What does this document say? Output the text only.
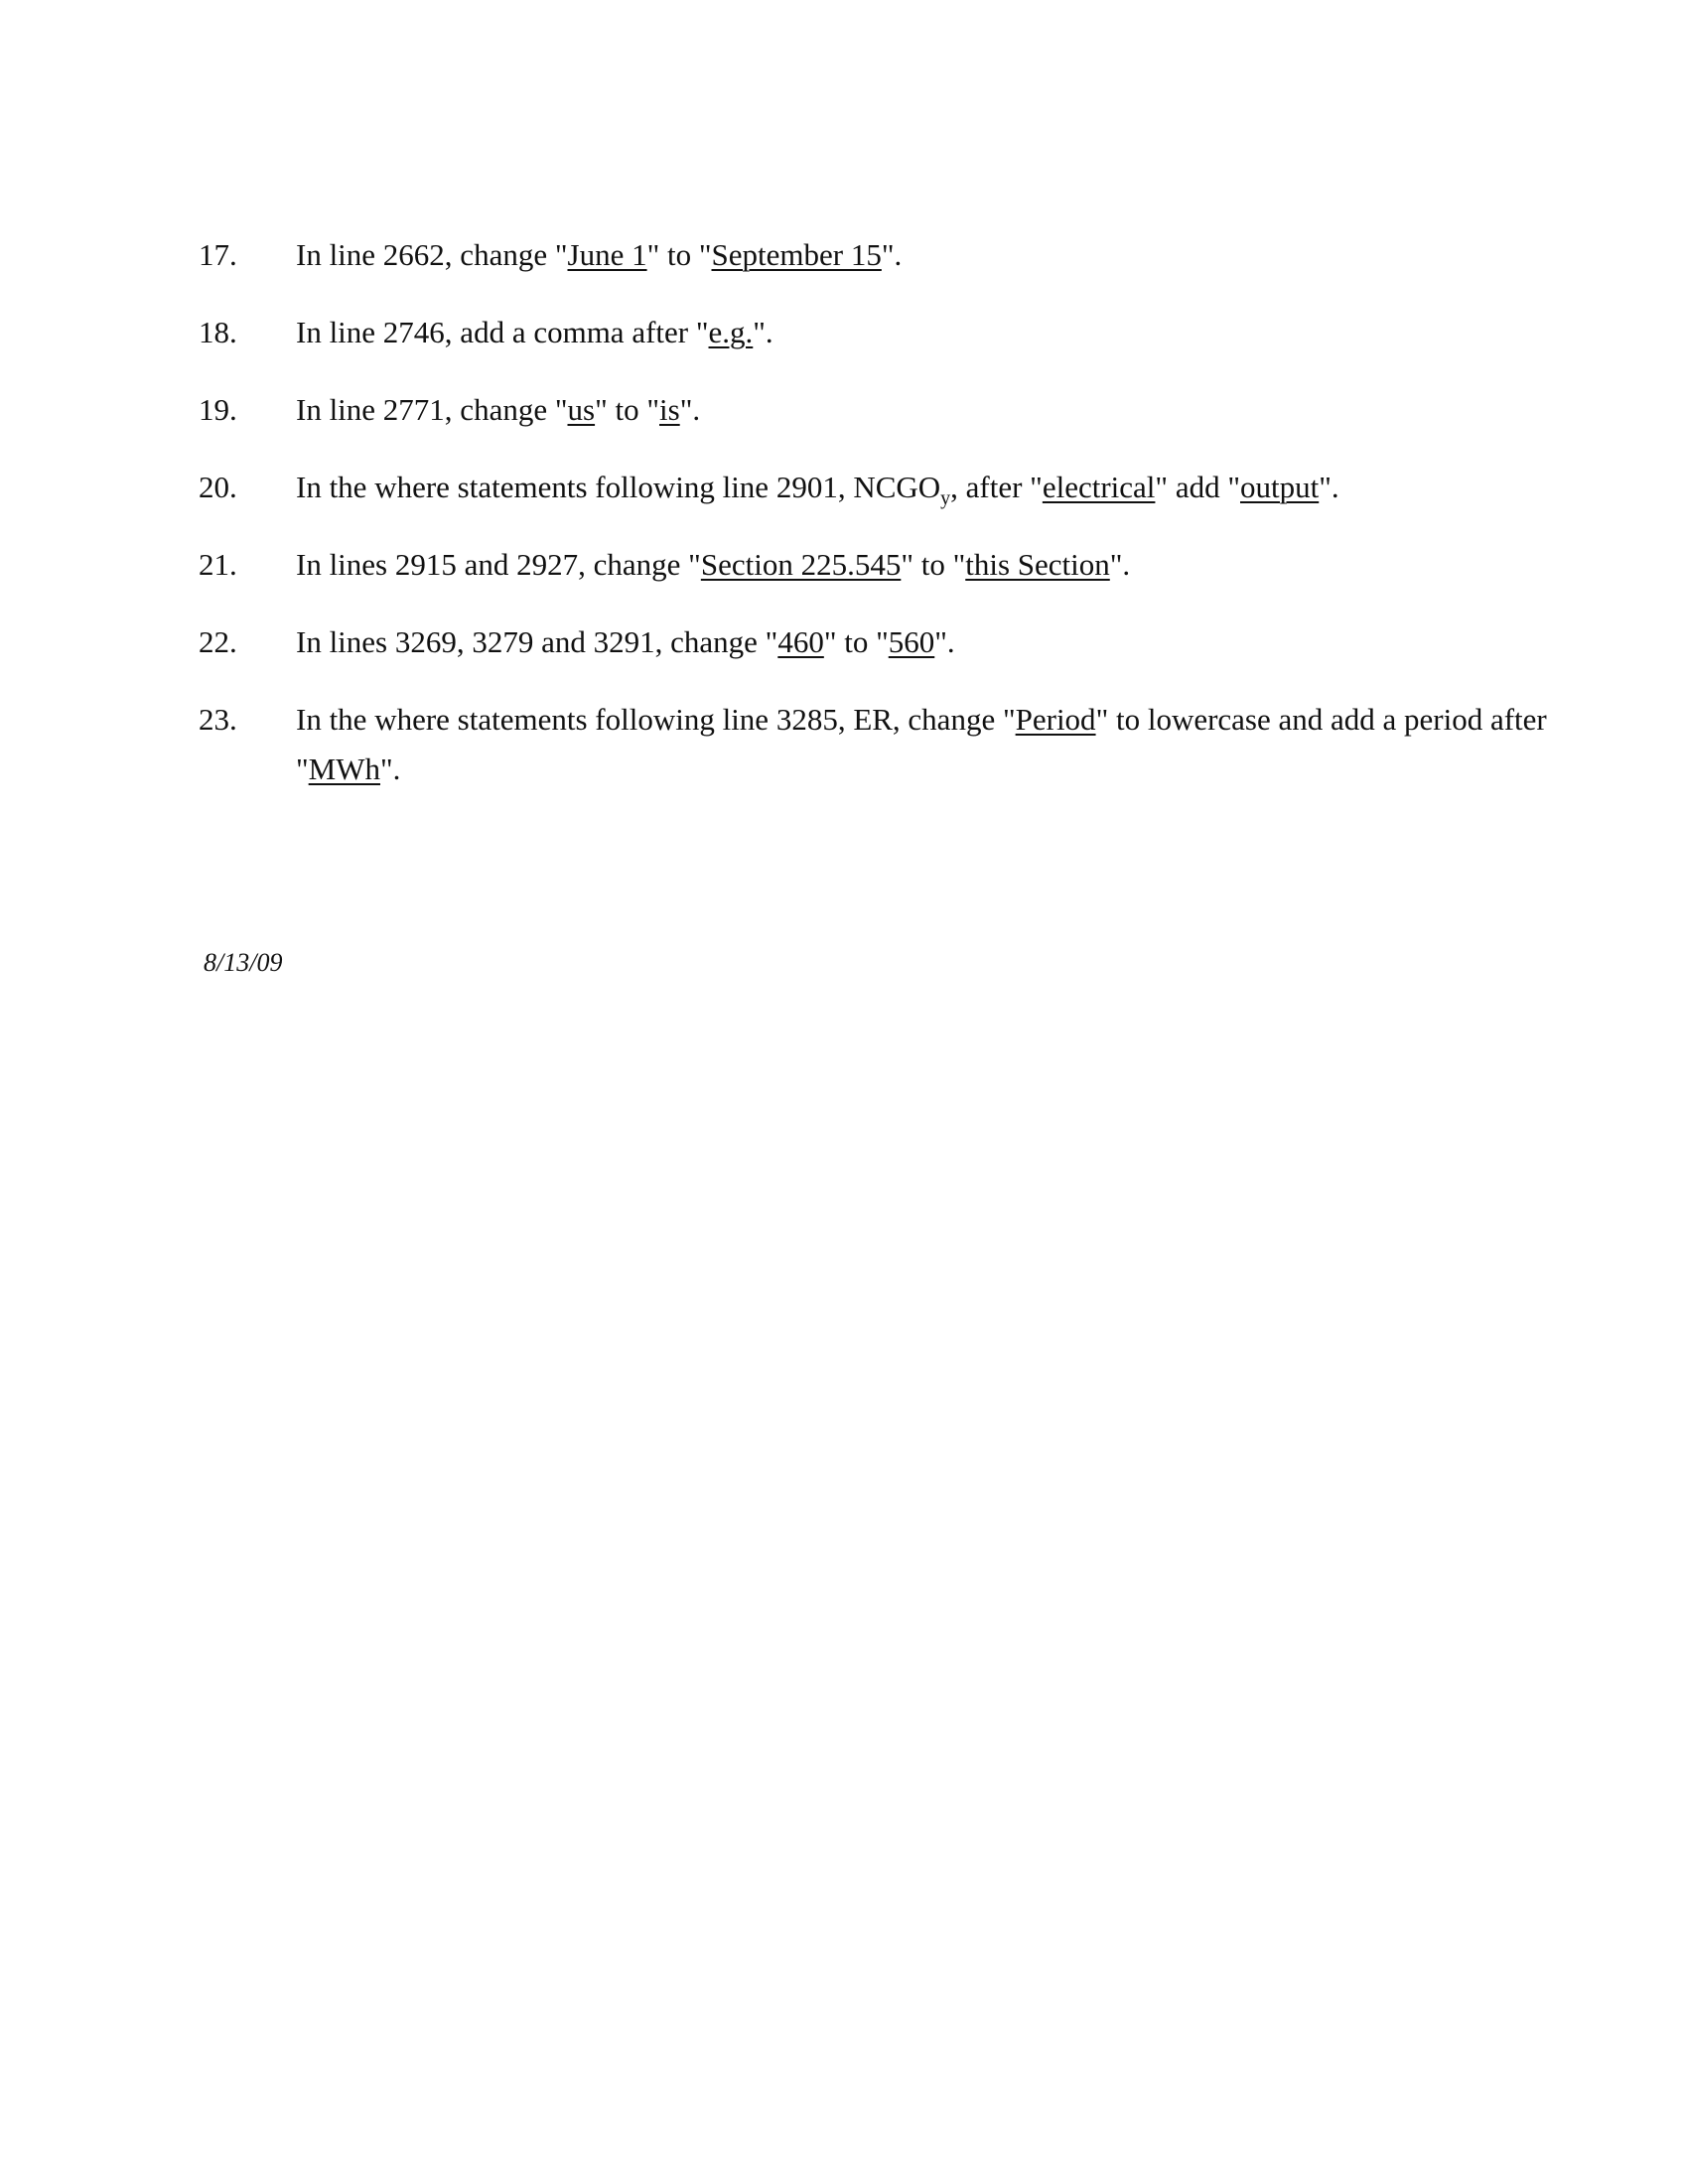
17.	In line 2662, change "June 1" to "September 15".
18.	In line 2746, add a comma after "e.g.".
19.	In line 2771, change "us" to "is".
20.	In the where statements following line 2901, $NCGO_y$, after "electrical" add "output".
21.	In lines 2915 and 2927, change "Section 225.545" to "this Section".
22.	In lines 3269, 3279 and 3291, change "460" to "560".
23.	In the where statements following line 3285, ER, change "Period" to lowercase and add a period after "MWh".
8/13/09
